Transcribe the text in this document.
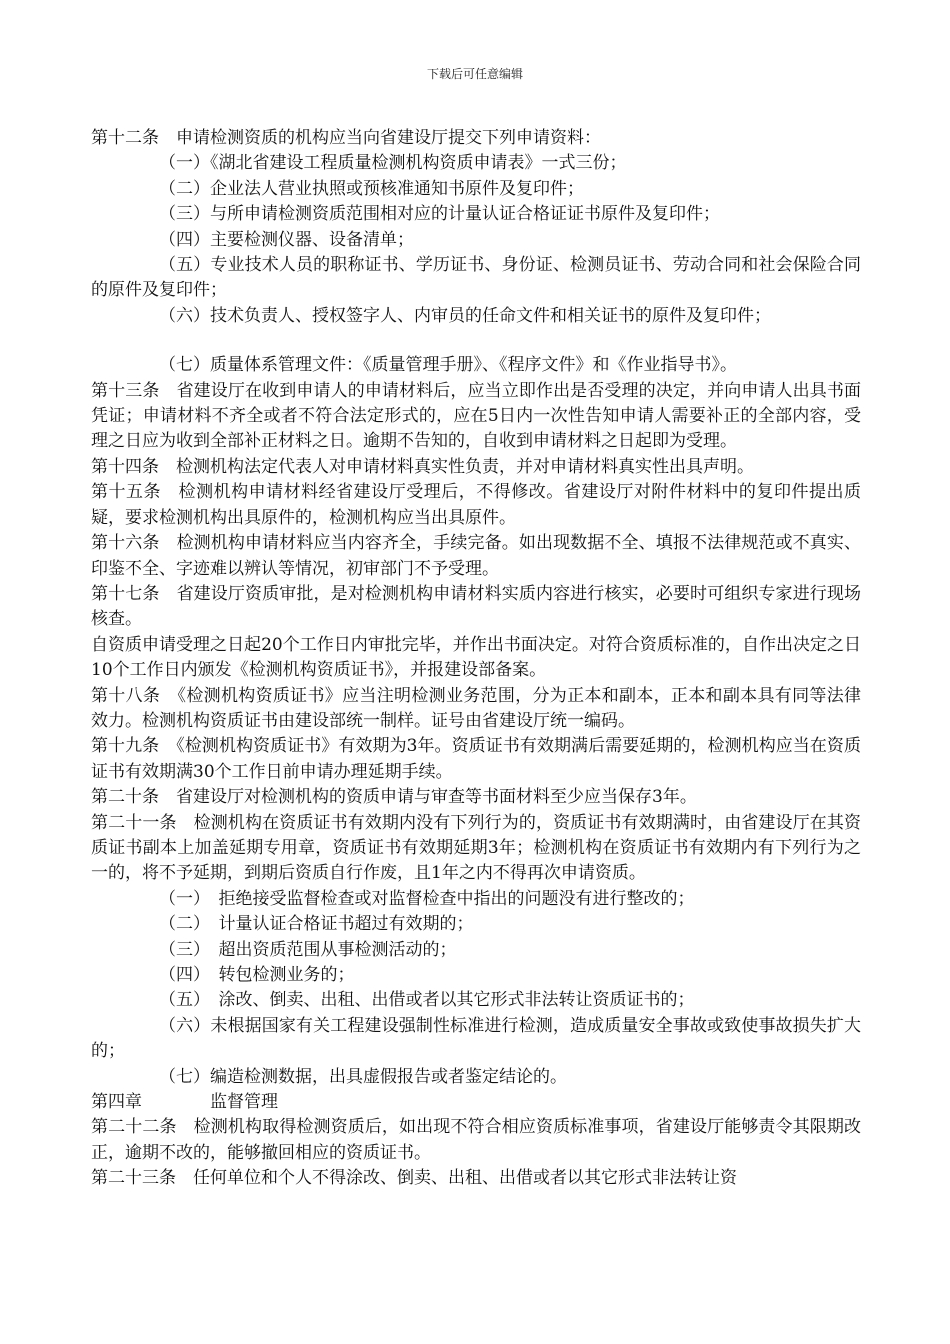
下载后可任意编辑

第十二条　申请检测资质的机构应当向省建设厅提交下列申请资料：

（一）《湖北省建设工程质量检测机构资质申请表》一式三份；

（二）企业法人营业执照或预核准通知书原件及复印件；

（三）与所申请检测资质范围相对应的计量认证合格证证书原件及复印件；

（四）主要检测仪器、设备清单；

（五）专业技术人员的职称证书、学历证书、身份证、检测员证书、劳动合同和社会保险合同的原件及复印件；

（六）技术负责人、授权签字人、内审员的任命文件和相关证书的原件及复印件；

（七）质量体系管理文件：《质量管理手册》、《程序文件》和《作业指导书》。

第十三条　省建设厅在收到申请人的申请材料后，应当立即作出是否受理的决定，并向申请人出具书面凭证；申请材料不齐全或者不符合法定形式的，应在5日内一次性告知申请人需要补正的全部内容，受理之日应为收到全部补正材料之日。逾期不告知的，自收到申请材料之日起即为受理。

第十四条　检测机构法定代表人对申请材料真实性负责，并对申请材料真实性出具声明。

第十五条　检测机构申请材料经省建设厅受理后，不得修改。省建设厅对附件材料中的复印件提出质疑，要求检测机构出具原件的，检测机构应当出具原件。

第十六条　检测机构申请材料应当内容齐全，手续完备。如出现数据不全、填报不法律规范或不真实、印鉴不全、字迹难以辨认等情况，初审部门不予受理。

第十七条　省建设厅资质审批，是对检测机构申请材料实质内容进行核实，必要时可组织专家进行现场核查。

自资质申请受理之日起20个工作日内审批完毕，并作出书面决定。对符合资质标准的，自作出决定之日10个工作日内颁发《检测机构资质证书》，并报建设部备案。

第十八条　《检测机构资质证书》应当注明检测业务范围，分为正本和副本，正本和副本具有同等法律效力。检测机构资质证书由建设部统一制样。证号由省建设厅统一编码。

第十九条　《检测机构资质证书》有效期为3年。资质证书有效期满后需要延期的，检测机构应当在资质证书有效期满30个工作日前申请办理延期手续。

第二十条　省建设厅对检测机构的资质申请与审查等书面材料至少应当保存3年。

第二十一条　检测机构在资质证书有效期内没有下列行为的，资质证书有效期满时，由省建设厅在其资质证书副本上加盖延期专用章，资质证书有效期延期3年；检测机构在资质证书有效期内有下列行为之一的，将不予延期，到期后资质自行作废，且1年之内不得再次申请资质。

（一）　拒绝接受监督检查或对监督检查中指出的问题没有进行整改的；

（二）　计量认证合格证书超过有效期的；

（三）　超出资质范围从事检测活动的；

（四）　转包检测业务的；

（五）　涂改、倒卖、出租、出借或者以其它形式非法转让资质证书的；

（六）未根据国家有关工程建设强制性标准进行检测，造成质量安全事故或致使事故损失扩大的；

（七）编造检测数据，出具虚假报告或者鉴定结论的。

第四章　　　　监督管理

第二十二条　检测机构取得检测资质后，如出现不符合相应资质标准事项，省建设厅能够责令其限期改正，逾期不改的，能够撤回相应的资质证书。

第二十三条　任何单位和个人不得涂改、倒卖、出租、出借或者以其它形式非法转让资
